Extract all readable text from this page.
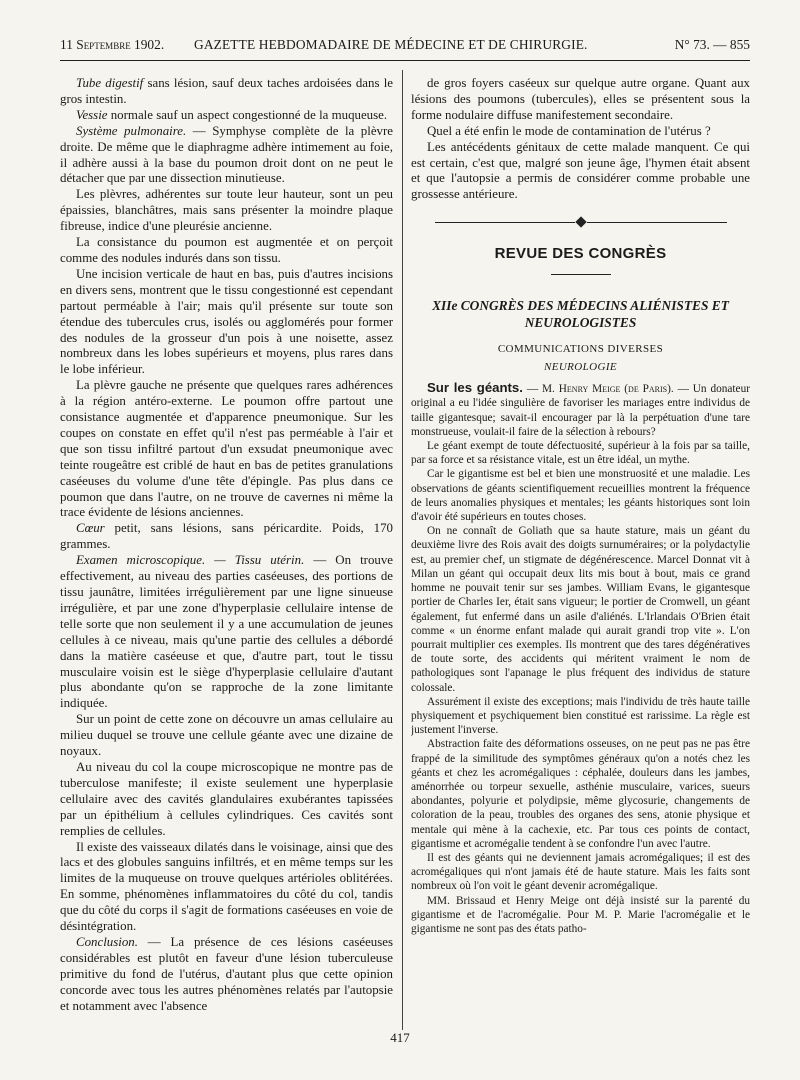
11 Septembre 1902. GAZETTE HEBDOMADAIRE DE MÉDECINE ET DE CHIRURGIE.	N° 73. — 855

Tube digestif sans lésion, sauf deux taches ardoisées dans le gros intestin.

Vessie normale sauf un aspect congestionné de la muqueuse.

Système pulmonaire. — Symphyse complète de la plèvre droite. De même que le diaphragme adhère intimement au foie, il adhère aussi à la base du poumon droit dont on ne peut le détacher que par une dissection minutieuse.

Les plèvres, adhérentes sur toute leur hauteur, sont un peu épaissies, blanchâtres, mais sans présenter la moindre plaque fibreuse, indice d'une pleurésie ancienne.

La consistance du poumon est augmentée et on perçoit comme des nodules indurés dans son tissu.

Une incision verticale de haut en bas, puis d'autres incisions en divers sens, montrent que le tissu congestionné est cependant partout perméable à l'air; mais qu'il présente sur toute son étendue des tubercules crus, isolés ou agglomérés pour former des nodules de la grosseur d'un pois à une noisette, assez nombreux dans les lobes supérieurs et moyens, plus rares dans le lobe inférieur.

La plèvre gauche ne présente que quelques rares adhérences à la région antéro-externe. Le poumon offre partout une consistance augmentée et d'apparence pneumonique. Sur les coupes on constate en effet qu'il n'est pas perméable à l'air et que son tissu infiltré partout d'un exsudat pneumonique avec teinte rougeâtre est criblé de haut en bas de petites granulations caséeuses du volume d'une tête d'épingle. Pas plus dans ce poumon que dans l'autre, on ne trouve de cavernes ni même la trace évidente de lésions anciennes.

Cœur petit, sans lésions, sans péricardite. Poids, 170 grammes.

Examen microscopique. — Tissu utérin. — On trouve effectivement, au niveau des parties caséeuses, des portions de tissu jaunâtre, limitées irrégulièrement par une ligne sinueuse irrégulière, et par une zone d'hyperplasie cellulaire intense de telle sorte que non seulement il y a une accumulation de jeunes cellules à ce niveau, mais qu'une partie des cellules a débordé dans la matière caséeuse et que, d'autre part, tout le tissu musculaire voisin est le siège d'hyperplasie cellulaire d'autant plus abondante qu'on se rapproche de la zone limitante indiquée.

Sur un point de cette zone on découvre un amas cellulaire au milieu duquel se trouve une cellule géante avec une dizaine de noyaux.

Au niveau du col la coupe microscopique ne montre pas de tuberculose manifeste; il existe seulement une hyperplasie cellulaire avec des cavités glandulaires exubérantes tapissées par un épithélium à cellules cylindriques. Ces cavités sont remplies de cellules.

Il existe des vaisseaux dilatés dans le voisinage, ainsi que des lacs et des globules sanguins infiltrés, et en même temps sur les limites de la muqueuse on trouve quelques artérioles oblitérées. En somme, phénomènes inflammatoires du côté du col, tandis que du côté du corps il s'agit de formations caséeuses en voie de désintégration.

Conclusion. — La présence de ces lésions caséeuses considérables est plutôt en faveur d'une lésion tuberculeuse primitive du fond de l'utérus, d'autant plus que cette opinion concorde avec tous les autres phénomènes relatés par l'autopsie et notamment avec l'absence

de gros foyers caséeux sur quelque autre organe. Quant aux lésions des poumons (tubercules), elles se présentent sous la forme nodulaire diffuse manifestement secondaire.

Quel a été enfin le mode de contamination de l'utérus ?

Les antécédents génitaux de cette malade manquent. Ce qui est certain, c'est que, malgré son jeune âge, l'hymen était absent et que l'autopsie a permis de considérer comme probable une grossesse antérieure.

REVUE DES CONGRÈS
XIIe CONGRÈS DES MÉDECINS ALIÉNISTES ET NEUROLOGISTES
COMMUNICATIONS DIVERSES
NEUROLOGIE

Sur les géants. — M. Henry Meige (de Paris). — Un donateur original a eu l'idée singulière de favoriser les mariages entre individus de taille gigantesque; savait-il encourager par là la perpétuation d'une tare monstrueuse, voulait-il faire de la sélection à rebours?

Le géant exempt de toute défectuosité, supérieur à la fois par sa taille, par sa force et sa résistance vitale, est un être idéal, un mythe.

Car le gigantisme est bel et bien une monstruosité et une maladie. Les observations de géants scientifiquement recueillies montrent la fréquence de leurs anomalies physiques et mentales; les géants historiques sont loin d'avoir été supérieurs en toutes choses.

On ne connaît de Goliath que sa haute stature, mais un géant du deuxième livre des Rois avait des doigts surnuméraires; or la polydactylie est, au premier chef, un stigmate de dégénérescence. Marcel Donnat vit à Milan un géant qui occupait deux lits mis bout à bout, mais ce grand homme ne pouvait tenir sur ses jambes. William Evans, le gigantesque portier de Charles Ier, était sans vigueur; le portier de Cromwell, un géant également, fut enfermé dans un asile d'aliénés. L'Irlandais O'Brien était comme « un énorme enfant malade qui aurait grandi trop vite ». L'on pourrait multiplier ces exemples. Ils montrent que des tares dégénératives de toute sorte, des accidents qui méritent vraiment le nom de pathologiques sont l'apanage le plus fréquent des individus de stature colossale.

Assurément il existe des exceptions; mais l'individu de très haute taille physiquement et psychiquement bien constitué est rarissime. La règle est justement l'inverse.

Abstraction faite des déformations osseuses, on ne peut pas ne pas être frappé de la similitude des symptômes généraux qu'on a notés chez les géants et chez les acromégaliques : céphalée, douleurs dans les jambes, aménorrhée ou torpeur sexuelle, asthénie musculaire, varices, sueurs abondantes, polyurie et polydipsie, même glycosurie, changements de coloration de la peau, troubles des organes des sens, atonie physique et mentale qui mène à la cachexie, etc. Par tous ces points de contact, gigantisme et acromégalie tendent à se confondre l'un avec l'autre.

Il est des géants qui ne deviennent jamais acromégaliques; il est des acromégaliques qui n'ont jamais été de haute stature. Mais les faits sont nombreux où l'on voit le géant devenir acromégalique.

MM. Brissaud et Henry Meige ont déjà insisté sur la parenté du gigantisme et de l'acromégalie. Pour M. P. Marie l'acromégalie et le gigantisme ne sont pas des états patho-

417
